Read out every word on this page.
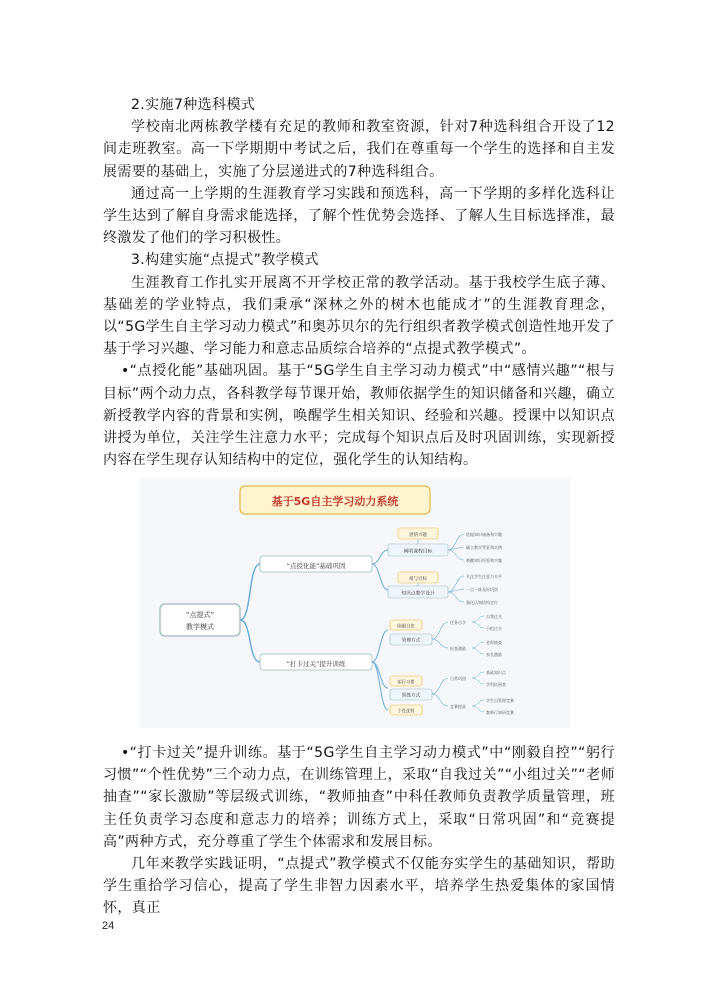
2.实施7种选科模式

学校南北两栋教学楼有充足的教师和教室资源，针对7种选科组合开设了12间走班教室。高一下学期期中考试之后，我们在尊重每一个学生的选择和自主发展需要的基础上，实施了分层递进式的7种选科组合。

通过高一上学期的生涯教育学习实践和预选科，高一下学期的多样化选科让学生达到了解自身需求能选择，了解个性优势会选择、了解人生目标选择准，最终激发了他们的学习积极性。

3.构建实施“点提式”教学模式

生涯教育工作扎实开展离不开学校正常的教学活动。基于我校学生底子薄、基础差的学业特点，我们秉承“深林之外的树木也能成才”的生涯教育理念，以“5G学生自主学习动力模式”和奥苏贝尔的先行组织者教学模式创造性地开发了基于学习兴趣、学习能力和意志品质综合培养的“点提式教学模式”。

•“点授化能”基础巩固。基于“5G学生自主学习动力模式”中“感情兴趣”“根与目标”两个动力点，各科教学每节课开始，教师依据学生的知识储备和兴趣，确立新授教学内容的背景和实例，唤醒学生相关知识、经验和兴趣。授课中以知识点讲授为单位，关注学生注意力水平；完成每个知识点后及时巩固训练，实现新授内容在学生现存认知结构中的定位，强化学生的认知结构。

基于5G自主学习动力系统
“点提式”
教学模式
“点授化能”基础巩固
感情兴趣
阐明课程目标
依据知识储备和兴趣
确立教学背景和实例
唤醒知识经验和兴趣
根与目标
知识点教学设计
关注学生注意力水平
一点一练及时巩固
强化认知结构定位
“打卡过关”提升训练
刚毅自控
管理方式
任务自学
检查激励
自我过关
小组过关
老师抽查
家长激励
躬行习惯
训练方式
日常巩固
竞赛提高
基础知识点
学科拓展类
学生自管理竞赛
教师行知研竞赛
个性优势

•“打卡过关”提升训练。基于“5G学生自主学习动力模式”中“刚毅自控”“躬行习惯”“个性优势”三个动力点，在训练管理上，采取“自我过关”“小组过关”“老师抽查”“家长激励”等层级式训练，“教师抽查”中科任教师负责教学质量管理，班主任负责学习态度和意志力的培养；训练方式上，采取“日常巩固”和“竞赛提高”两种方式，充分尊重了学生个体需求和发展目标。

几年来教学实践证明，“点提式”教学模式不仅能夯实学生的基础知识，帮助学生重拾学习信心，提高了学生非智力因素水平，培养学生热爱集体的家国情怀，真正

24
